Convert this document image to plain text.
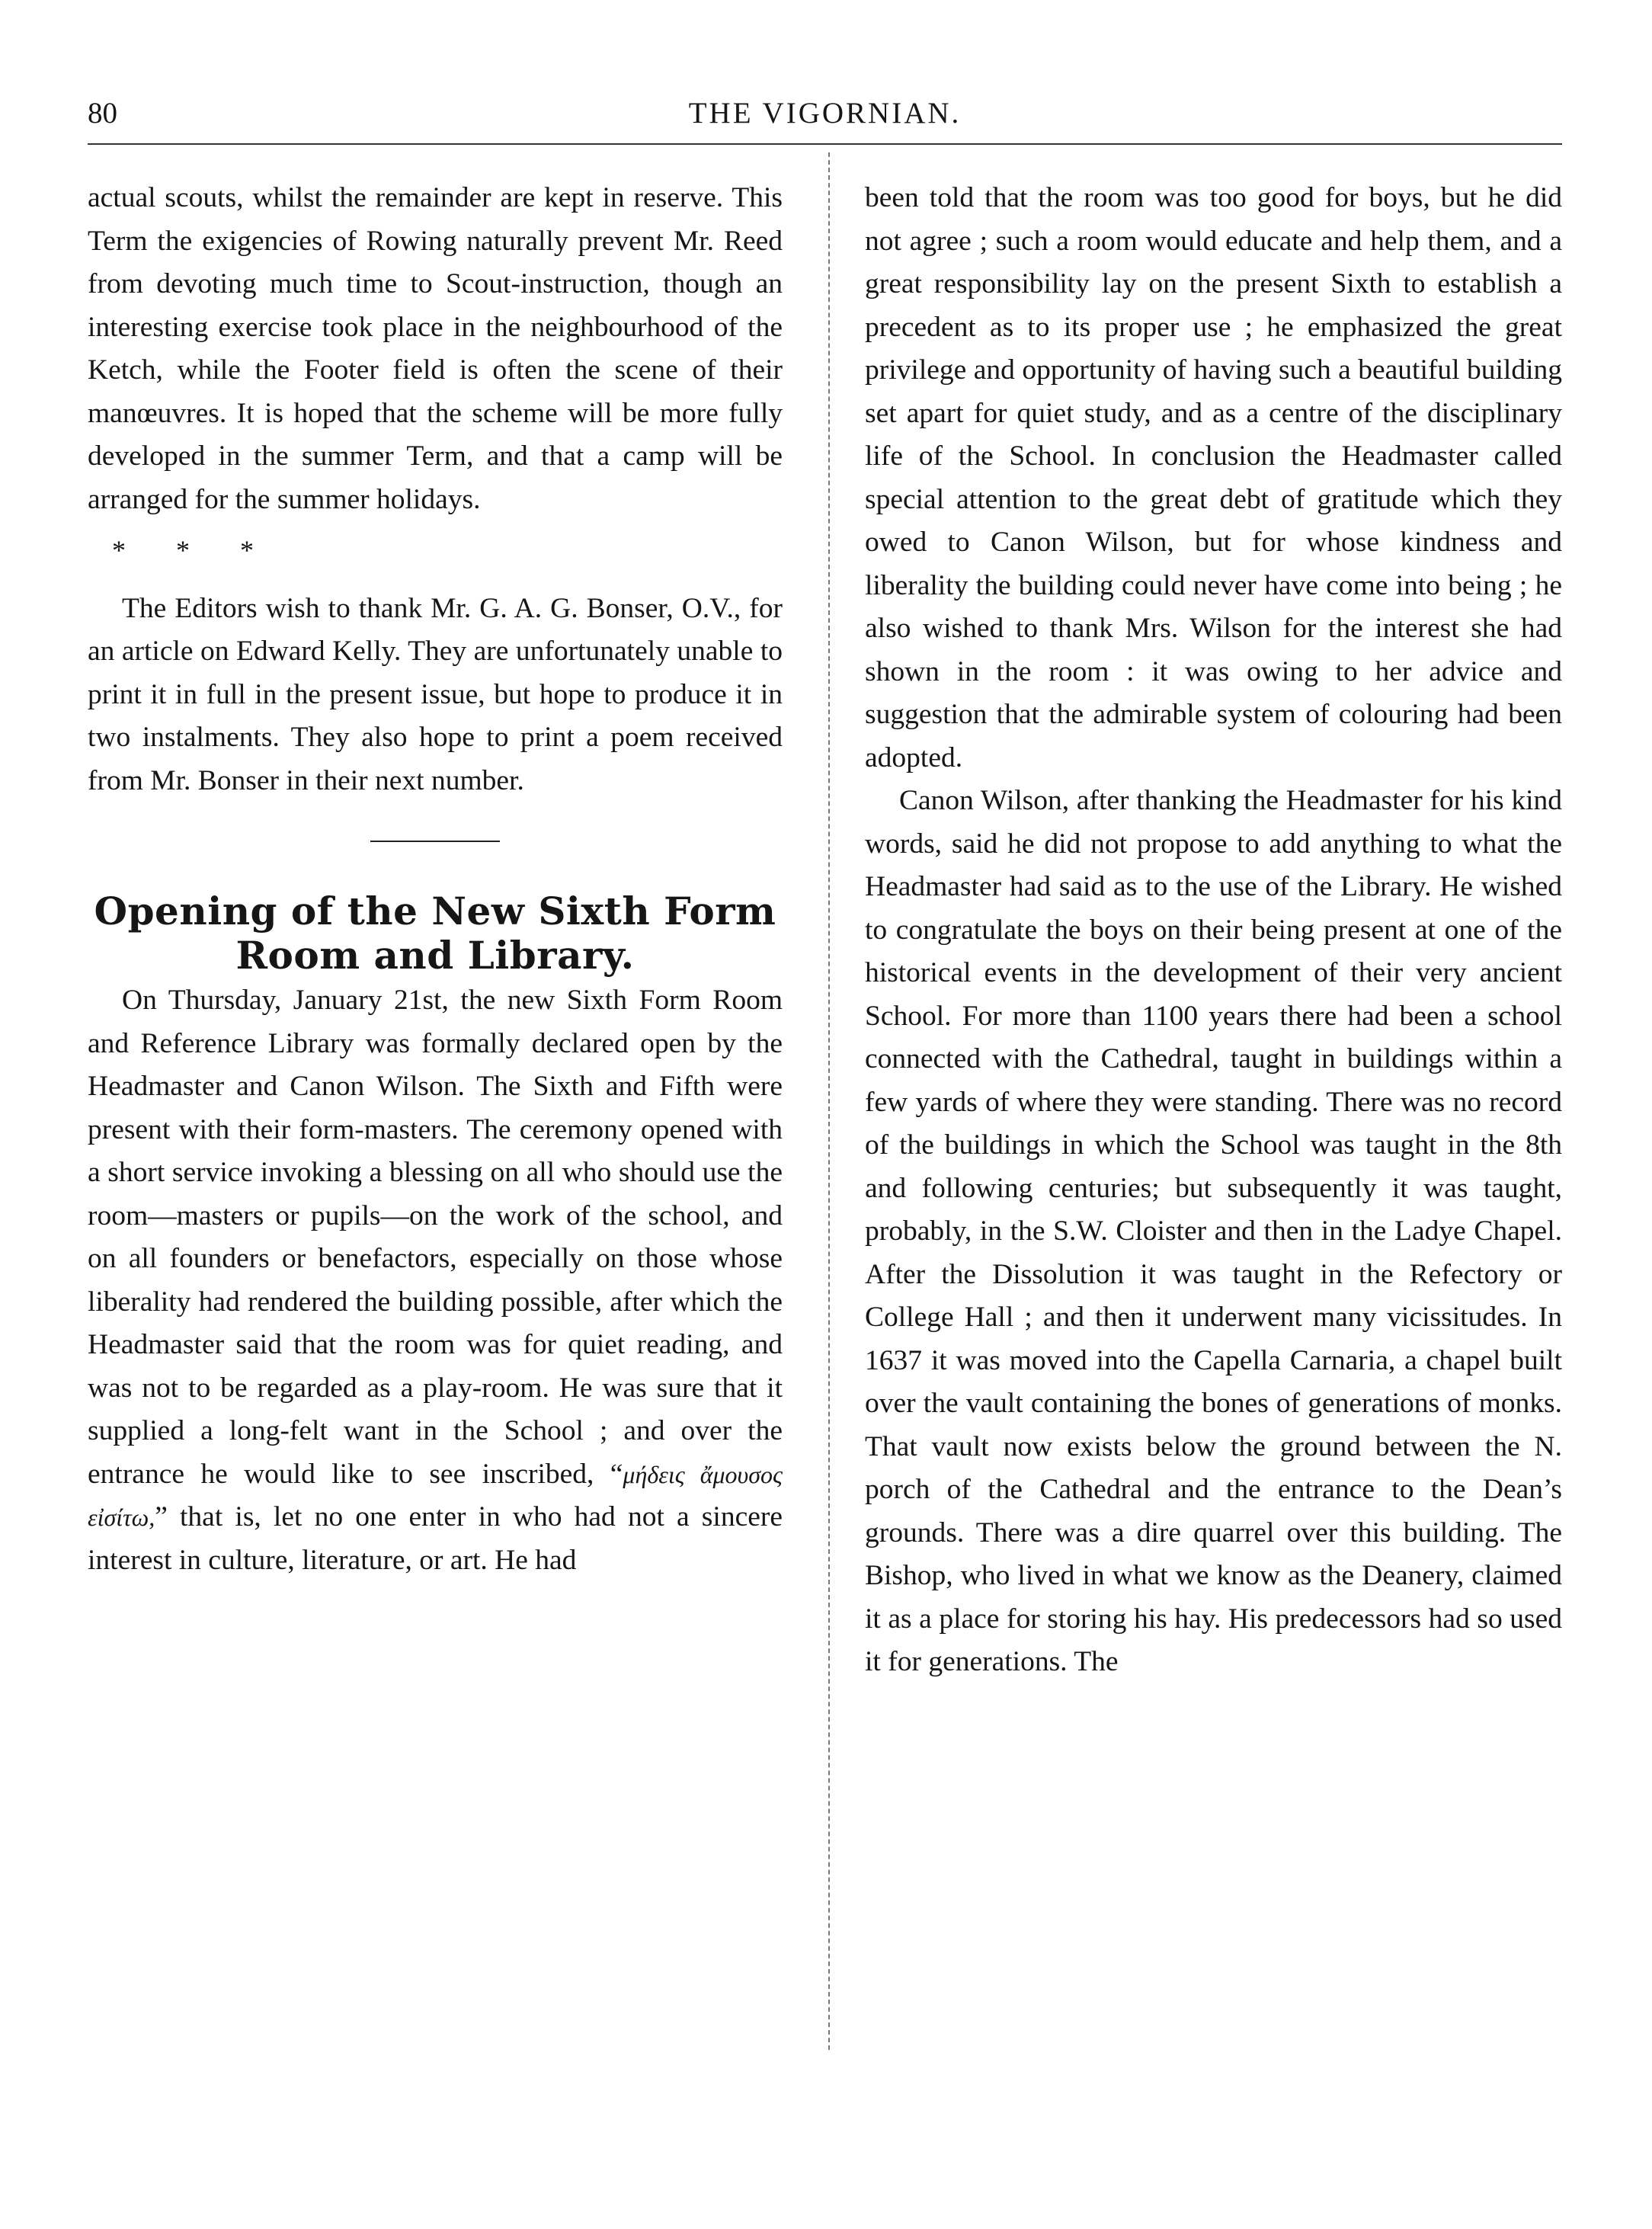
80	THE VIGORNIAN.

actual scouts, whilst the remainder are kept in reserve. This Term the exigencies of Rowing naturally prevent Mr. Reed from devoting much time to Scout-instruction, though an interesting exercise took place in the neighbourhood of the Ketch, while the Footer field is often the scene of their manœuvres. It is hoped that the scheme will be more fully developed in the summer Term, and that a camp will be arranged for the summer holidays.

* * *

The Editors wish to thank Mr. G. A. G. Bonser, O.V., for an article on Edward Kelly. They are unfortunately unable to print it in full in the present issue, but hope to produce it in two instalments. They also hope to print a poem received from Mr. Bonser in their next number.

Opening of the New Sixth Form
Room and Library.

On Thursday, January 21st, the new Sixth Form Room and Reference Library was formally declared open by the Headmaster and Canon Wilson. The Sixth and Fifth were present with their form-masters. The ceremony opened with a short service invoking a blessing on all who should use the room—masters or pupils—on the work of the school, and on all founders or benefactors, especially on those whose liberality had rendered the building possible, after which the Headmaster said that the room was for quiet reading, and was not to be regarded as a play-room. He was sure that it supplied a long-felt want in the School ; and over the entrance he would like to see inscribed, “μήδεις ἄμουσος εἰσίτω,” that is, let no one enter in who had not a sincere interest in culture, literature, or art. He had

been told that the room was too good for boys, but he did not agree ; such a room would educate and help them, and a great responsibility lay on the present Sixth to establish a precedent as to its proper use ; he emphasized the great privilege and opportunity of having such a beautiful building set apart for quiet study, and as a centre of the disciplinary life of the School. In conclusion the Headmaster called special attention to the great debt of gratitude which they owed to Canon Wilson, but for whose kindness and liberality the building could never have come into being ; he also wished to thank Mrs. Wilson for the interest she had shown in the room : it was owing to her advice and suggestion that the admirable system of colouring had been adopted.

Canon Wilson, after thanking the Headmaster for his kind words, said he did not propose to add anything to what the Headmaster had said as to the use of the Library. He wished to congratulate the boys on their being present at one of the historical events in the development of their very ancient School. For more than 1100 years there had been a school connected with the Cathedral, taught in buildings within a few yards of where they were standing. There was no record of the buildings in which the School was taught in the 8th and following centuries; but subsequently it was taught, probably, in the S.W. Cloister and then in the Ladye Chapel. After the Dissolution it was taught in the Refectory or College Hall ; and then it underwent many vicissitudes. In 1637 it was moved into the Capella Carnaria, a chapel built over the vault containing the bones of generations of monks. That vault now exists below the ground between the N. porch of the Cathedral and the entrance to the Dean’s grounds. There was a dire quarrel over this building. The Bishop, who lived in what we know as the Deanery, claimed it as a place for storing his hay. His predecessors had so used it for generations. The
